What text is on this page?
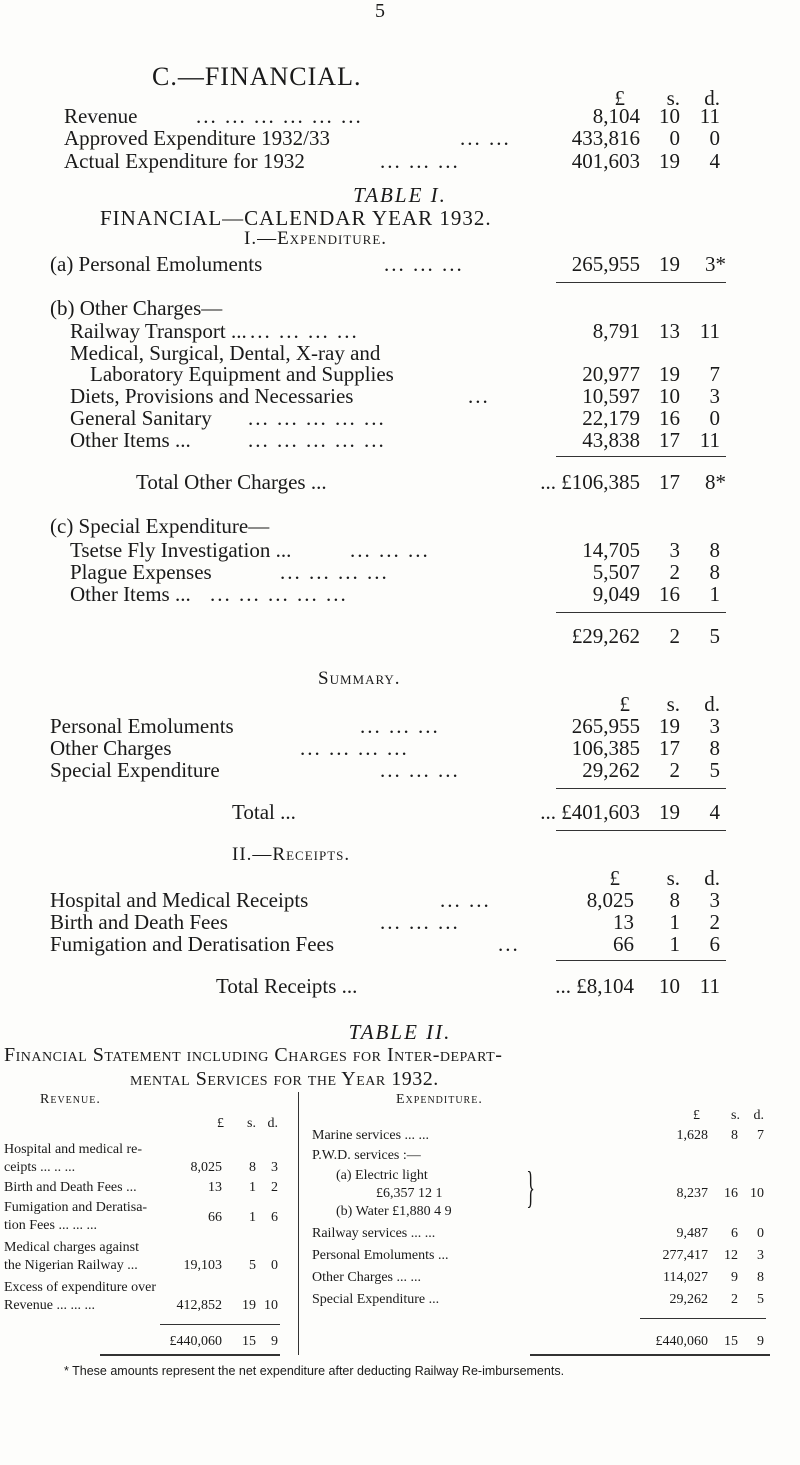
5
C.—FINANCIAL.
£	s.	d.
Revenue	... ... ... ... ... ...	8,104 10 11
Approved Expenditure 1932/33	... ...	433,816	0	0
Actual Expenditure for 1932	... ... ...	401,603 19	4
TABLE I.
FINANCIAL—CALENDAR YEAR 1932.
I.—Expenditure.
(a) Personal Emoluments	... ... ...	265,955 19	3*
(b) Other Charges—
Railway Transport ... ... ... ... ...	8,791 13 11
Medical, Surgical, Dental, X-ray and
Laboratory Equipment and Supplies	20,977 19	7
Diets, Provisions and Necessaries	...	10,597 10	3
General Sanitary ... ... ... ... ...	22,179 16	0
Other Items ...	... ... ... ... ...	43,838 17 11
Total Other Charges ...	... £106,385 17	8*
(c) Special Expenditure—
Tsetse Fly Investigation ...	... ... ...	14,705	3	8
Plague Expenses	... ... ... ...	5,507	2	8
Other Items ... ... ... ... ... ...	9,049 16	1
£29,262	2	5
Summary.
£	s.	d.
Personal Emoluments	... ... ...	265,955 19	3
Other Charges	... ... ... ...	106,385 17	8
Special Expenditure	... ... ...	29,262	2	5
Total ...	... £401,603 19	4
II.—Receipts.
£	s.	d.
Hospital and Medical Receipts	... ...	8,025	8	3
Birth and Death Fees	... ... ...	13	1	2
Fumigation and Deratisation Fees	...	66	1	6
Total Receipts ...	... £8,104	10 11
TABLE II.
Financial Statement including Charges for Inter-depart-
mental Services for the Year 1932.
Revenue.
£	s. d.
Hospital and medical re-
ceipts ... .. ...	8,025	8	3
Birth and Death Fees ...	13	1	2
Fumigation and Deratisa-
tion Fees ... ... ...
66	1	6
Medical charges against
the Nigerian Railway ...	19,103	5	0
Excess of expenditure over
Revenue ... ... ...	412,852	19 10
£440,060	15	9
Expenditure.
£	s. d.
Marine services ... ...	1,628	8	7
P.W.D. services :—
(a) Electric light
£6,357 12 1
(b) Water £1,880 4 9 }	8,237	16 10
Railway services ... ...	9,487	6	0
Personal Emoluments ...	277,417	12	3
Other Charges ... ...	114,027	9	8
Special Expenditure ...	29,262	2	5
£440,060	15	9
* These amounts represent the net expenditure after deducting Railway Re-imbursements.
